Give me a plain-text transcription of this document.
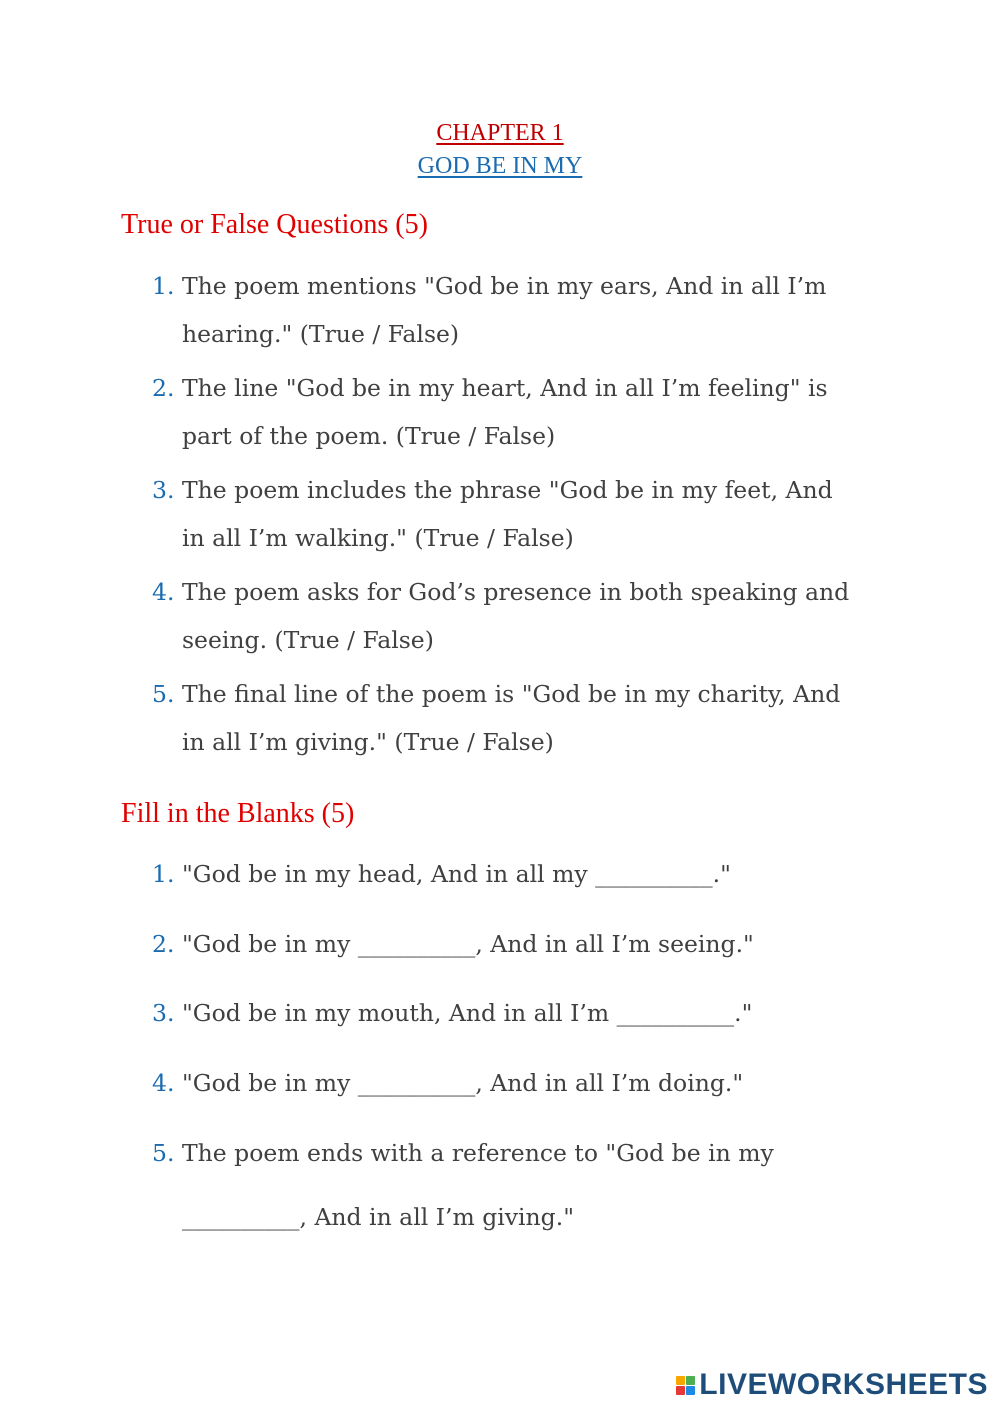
CHAPTER 1
GOD BE IN MY
True or False Questions (5)
1. The poem mentions "God be in my ears, And in all I’m
hearing." (True / False)
2. The line "God be in my heart, And in all I’m feeling" is
part of the poem. (True / False)
3. The poem includes the phrase "God be in my feet, And
in all I’m walking." (True / False)
4. The poem asks for God’s presence in both speaking and
seeing. (True / False)
5. The final line of the poem is "God be in my charity, And
in all I’m giving." (True / False)
Fill in the Blanks (5)
1. "God be in my head, And in all my __________."
2. "God be in my __________, And in all I’m seeing."
3. "God be in my mouth, And in all I’m __________."
4. "God be in my __________, And in all I’m doing."
5. The poem ends with a reference to "God be in my
__________, And in all I’m giving."
LIVEWORKSHEETS
